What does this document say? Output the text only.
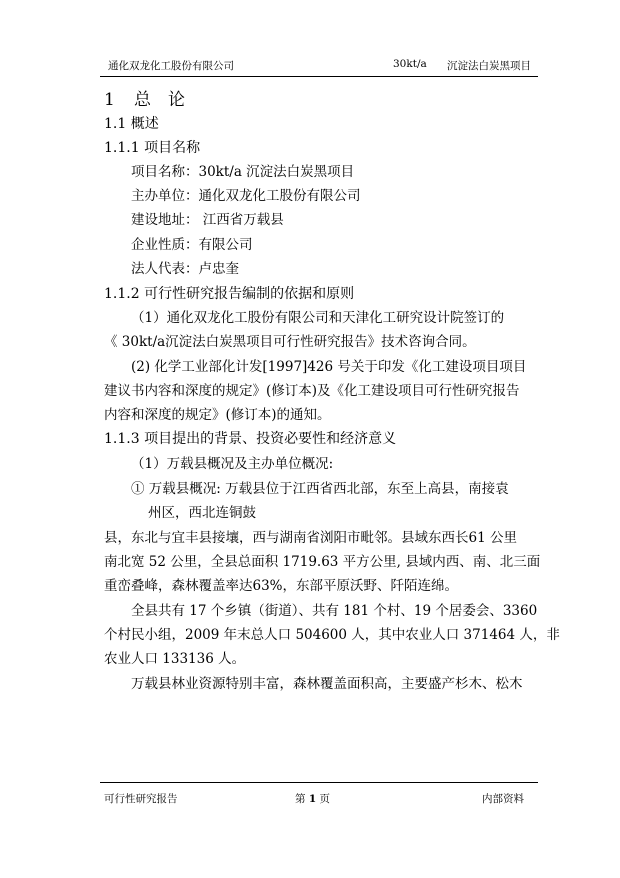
通化双龙化工股份有限公司	30kt/a 沉淀法白炭黑项目
1 总　论
1.1 概述
1.1.1 项目名称
项目名称：30kt/a 沉淀法白炭黑项目
主办单位：通化双龙化工股份有限公司
建设地址： 江西省万载县
企业性质：有限公司
法人代表：卢忠奎
1.1.2 可行性研究报告编制的依据和原则
（1）通化双龙化工股份有限公司和天津化工研究设计院签订的
《 30kt/a沉淀法白炭黑项目可行性研究报告》技术咨询合同。
(2) 化学工业部化计发[1997]426 号关于印发《化工建设项目项目
建议书内容和深度的规定》(修订本)及《化工建设项目可行性研究报告
内容和深度的规定》(修订本)的通知。
1.1.3 项目提出的背景、投资必要性和经济意义
（1）万载县概况及主办单位概况:
① 万载县概况: 万载县位于江西省西北部，东至上高县，南接袁
州区，西北连铜鼓
县，东北与宜丰县接壤，西与湖南省浏阳市毗邻。县域东西长61 公里
南北宽 52 公里，全县总面积 1719.63 平方公里, 县域内西、南、北三面
重峦叠峰，森林覆盖率达63%，东部平原沃野、阡陌连绵。
全县共有 17 个乡镇（街道）、共有 181 个村、19 个居委会、3360
个村民小组，2009 年末总人口 504600 人，其中农业人口 371464 人，非
农业人口 133136 人。
万载县林业资源特别丰富，森林覆盖面积高，主要盛产杉木、松木
可行性研究报告	第 1 页	内部资料
